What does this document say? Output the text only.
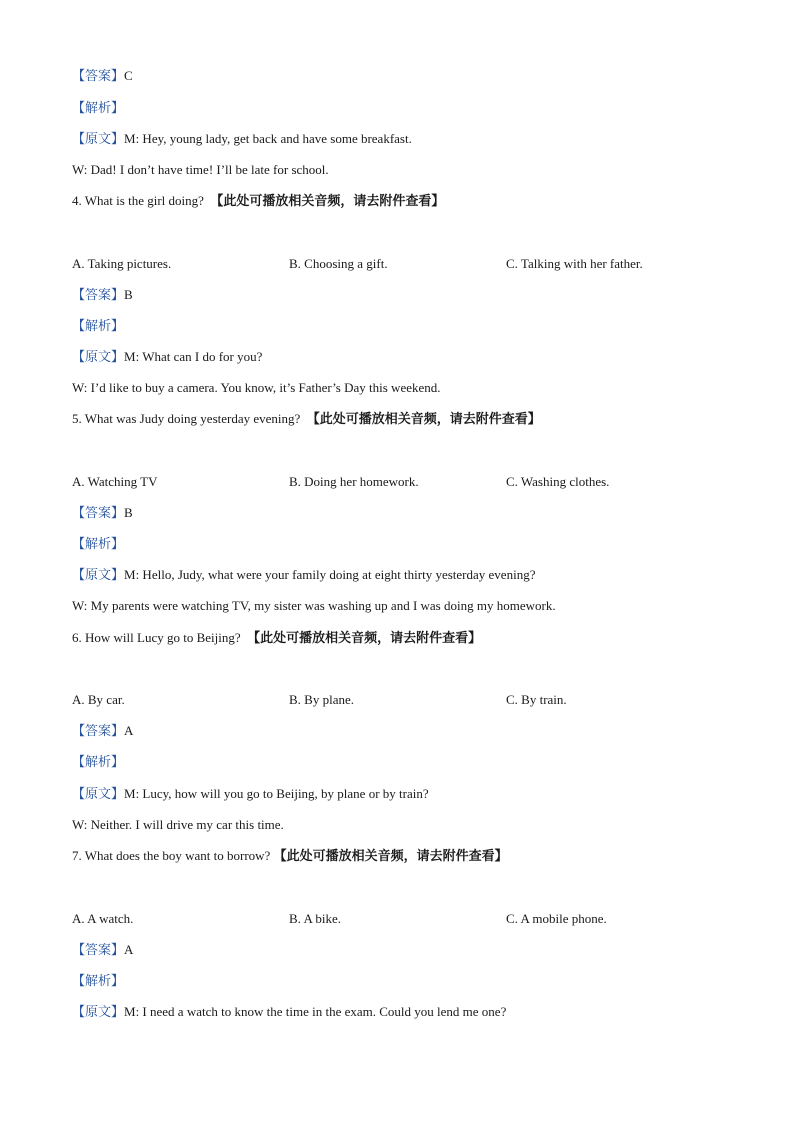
【答案】C
【解析】
【原文】M: Hey, young lady, get back and have some breakfast.
W: Dad! I don’t have time! I’ll be late for school.
4. What is the girl doing? 【此处可播放相关音频，请去附件查看】
A. Taking pictures.	B. Choosing a gift.	C. Talking with her father.
【答案】B
【解析】
【原文】M: What can I do for you?
W: I’d like to buy a camera. You know, it’s Father’s Day this weekend.
5. What was Judy doing yesterday evening? 【此处可播放相关音频，请去附件查看】
A. Watching TV	B. Doing her homework.	C. Washing clothes.
【答案】B
【解析】
【原文】M: Hello, Judy, what were your family doing at eight thirty yesterday evening?
W: My parents were watching TV, my sister was washing up and I was doing my homework.
6. How will Lucy go to Beijing? 【此处可播放相关音频，请去附件查看】
A. By car.	B. By plane.	C. By train.
【答案】A
【解析】
【原文】M: Lucy, how will you go to Beijing, by plane or by train?
W: Neither. I will drive my car this time.
7. What does the boy want to borrow? 【此处可播放相关音频，请去附件查看】
A. A watch.	B. A bike.	C. A mobile phone.
【答案】A
【解析】
【原文】M: I need a watch to know the time in the exam. Could you lend me one?
